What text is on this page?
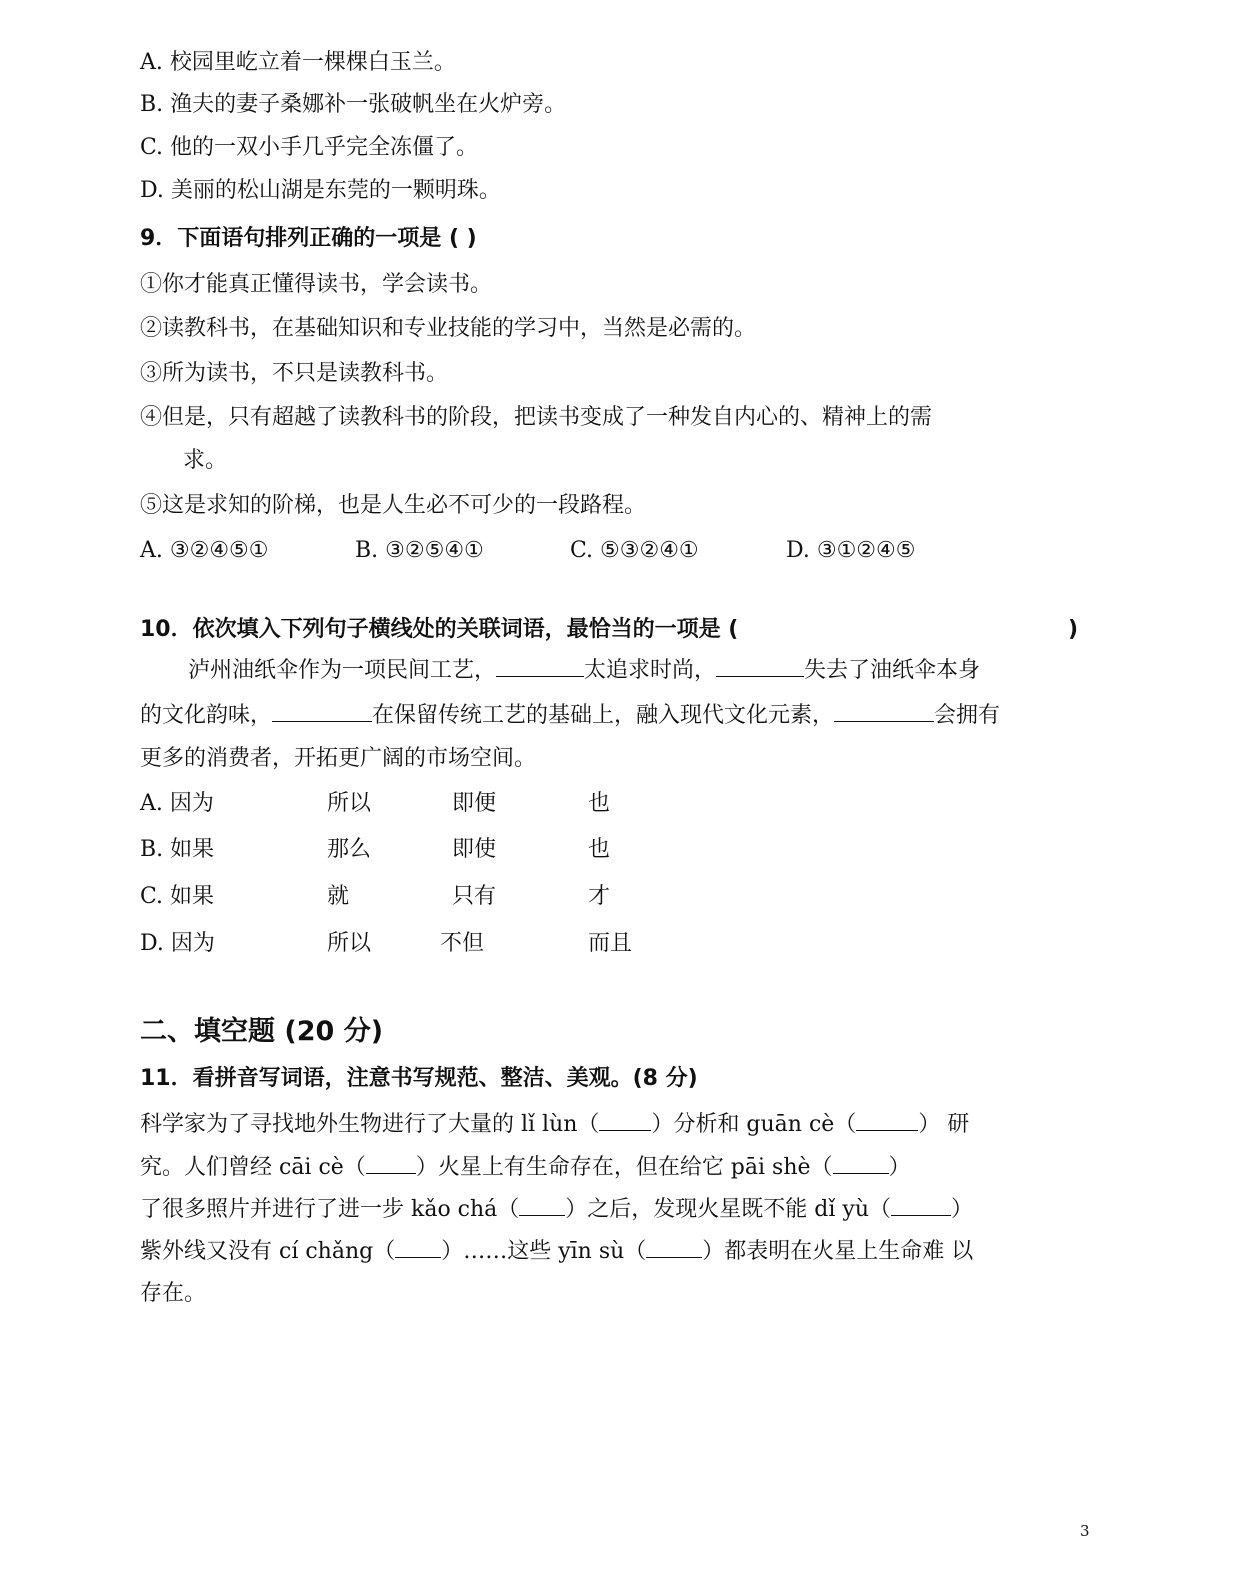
A. 校园里屹立着一棵棵白玉兰。
B. 渔夫的妻子桑娜补一张破帆坐在火炉旁。
C. 他的一双小手几乎完全冻僵了。
D. 美丽的松山湖是东莞的一颗明珠。
9．下面语句排列正确的一项是 ( )
①你才能真正懂得读书，学会读书。
②读教科书，在基础知识和专业技能的学习中，当然是必需的。
③所为读书，不只是读教科书。
④但是，只有超越了读教科书的阶段，把读书变成了一种发自内心的、精神上的需
求。
⑤这是求知的阶梯，也是人生必不可少的一段路程。
A. ③②④⑤①	B. ③②⑤④①	C. ⑤③②④①	D. ③①②④⑤
10．依次填入下列句子横线处的关联词语，最恰当的一项是 (	)
泸州油纸伞作为一项民间工艺，	太追求时尚，	失去了油纸伞本身
的文化韵味，	在保留传统工艺的基础上，融入现代文化元素，	会拥有
更多的消费者，开拓更广阔的市场空间。
A. 因为	所以	即便	也
B. 如果	那么	即使	也
C. 如果	就	只有	才
D. 因为	所以	不但	而且
二、填空题 (20 分)
11．看拼音写词语，注意书写规范、整洁、美观。(8 分)
科学家为了寻找地外生物进行了大量的 lǐ lùn（ ）分析和 guān cè（	） 研
究。人们曾经 cāi cè（ ）火星上有生命存在，但在给它 pāi shè（	）
了很多照片并进行了进一步 kǎo chá（ ）之后，发现火星既不能 dǐ yù（	）
紫外线又没有 cí chǎng（ ）……这些 yīn sù（	）都表明在火星上生命难 以
存在。
3
